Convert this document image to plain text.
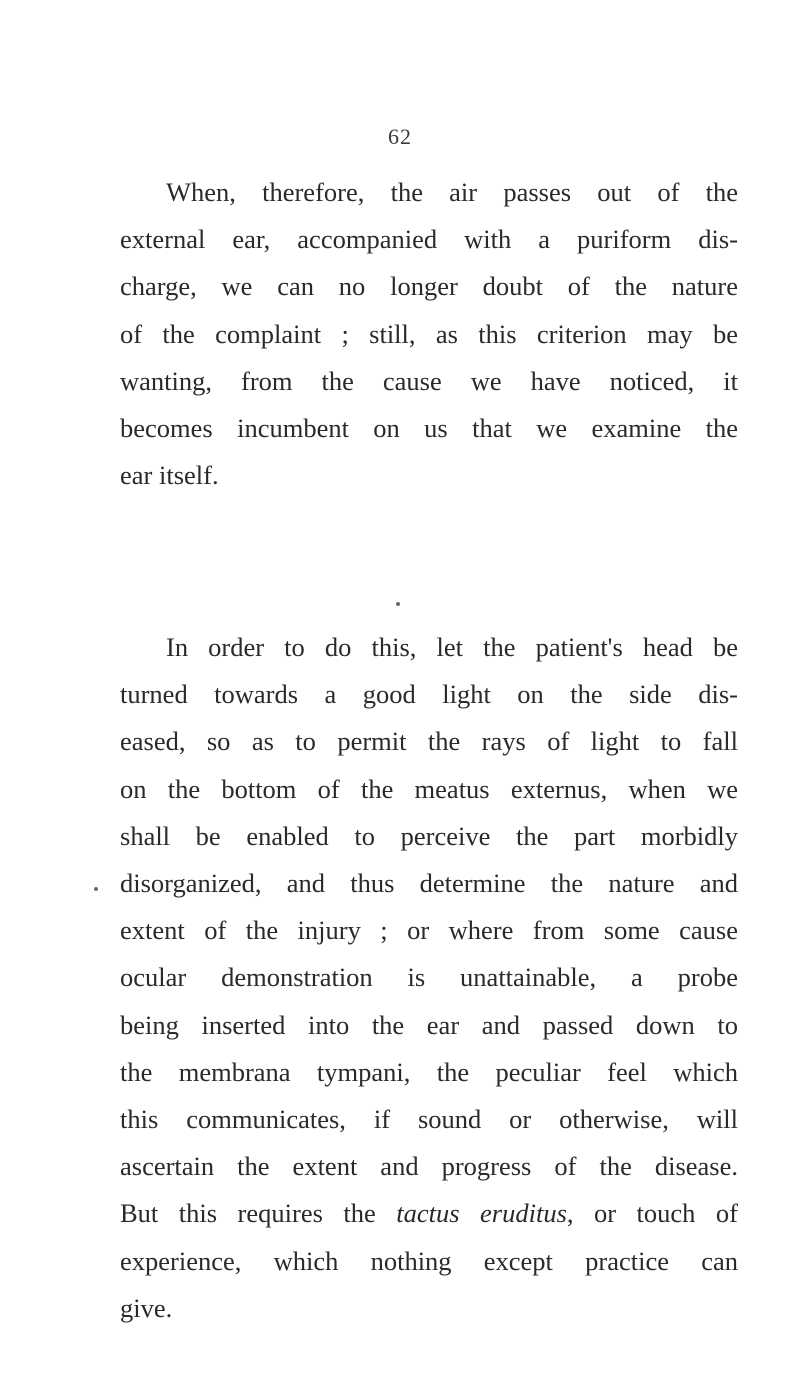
62
When, therefore, the air passes out of the
external ear, accompanied with a puriform dis-
charge, we can no longer doubt of the nature
of the complaint ; still, as this criterion may be
wanting, from the cause we have noticed, it
becomes incumbent on us that we examine the
ear itself.
In order to do this, let the patient's head be
turned towards a good light on the side dis-
eased, so as to permit the rays of light to fall
on the bottom of the meatus externus, when we
shall be enabled to perceive the part morbidly
disorganized, and thus determine the nature and
extent of the injury ; or where from some cause
ocular demonstration is unattainable, a probe
being inserted into the ear and passed down to
the membrana tympani, the peculiar feel which
this communicates, if sound or otherwise, will
ascertain the extent and progress of the disease.
But this requires the tactus eruditus, or touch of
experience, which nothing except practice can
give.
